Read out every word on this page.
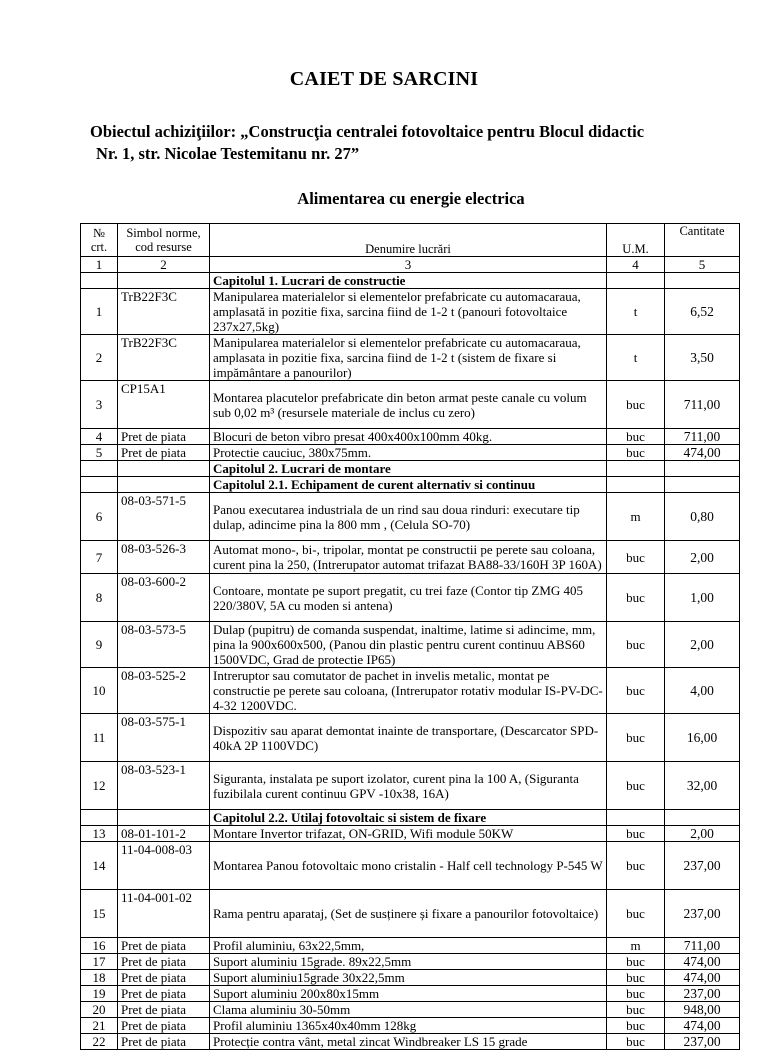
CAIET DE SARCINI
Obiectul achiziţiilor: „Construcţia centralei fotovoltaice pentru Blocul didactic
Nr. 1, str. Nicolae Testemitanu nr. 27”
Alimentarea cu energie electrica
№ crt.	Simbol norme, cod resurse	Denumire lucrări	U.M.	Cantitate
1	2	3	4	5
		Capitolul 1. Lucrari de constructie		
1	TrB22F3C	Manipularea materialelor si elementelor prefabricate cu automacaraua, amplasată in pozitie fixa, sarcina fiind de 1-2 t (panouri fotovoltaice 237x27,5kg)	t	6,52
2	TrB22F3C	Manipularea materialelor si elementelor prefabricate cu automacaraua, amplasata in pozitie fixa, sarcina fiind de 1-2 t (sistem de fixare si impământare a panourilor)	t	3,50
3	CP15A1	Montarea placutelor prefabricate din beton armat peste canale cu volum sub 0,02 m³ (resursele materiale de inclus cu zero)	buc	711,00
4	Pret de piata	Blocuri de beton vibro presat 400x400x100mm 40kg.	buc	711,00
5	Pret de piata	Protectie cauciuc, 380x75mm.	buc	474,00
		Capitolul 2. Lucrari de montare		
		Capitolul 2.1. Echipament de curent alternativ si continuu		
6	08-03-571-5	Panou executarea industriala de un rind sau doua rinduri: executare tip dulap, adincime pina la 800 mm , (Celula SO-70)	m	0,80
7	08-03-526-3	Automat mono-, bi-, tripolar, montat pe constructii pe perete sau coloana, curent pina la 250, (Intrerupator automat trifazat BA88-33/160H 3P 160A)	buc	2,00
8	08-03-600-2	Contoare, montate pe suport pregatit, cu trei faze (Contor tip ZMG 405 220/380V, 5A cu moden si antena)	buc	1,00
9	08-03-573-5	Dulap (pupitru) de comanda suspendat, inaltime, latime si adincime, mm, pina la 900x600x500, (Panou din plastic pentru curent continuu ABS60 1500VDC, Grad de protectie IP65)	buc	2,00
10	08-03-525-2	Intreruptor sau comutator de pachet in invelis metalic, montat pe constructie pe perete sau coloana, (Intrerupator rotativ modular IS-PV-DC-4-32 1200VDC.	buc	4,00
11	08-03-575-1	Dispozitiv sau aparat demontat inainte de transportare, (Descarcator SPD-40kA 2P 1100VDC)	buc	16,00
12	08-03-523-1	Siguranta, instalata pe suport izolator, curent pina la 100 A, (Siguranta fuzibilala curent continuu GPV -10x38, 16A)	buc	32,00
		Capitolul 2.2. Utilaj fotovoltaic si sistem de fixare		
13	08-01-101-2	Montare Invertor trifazat, ON-GRID, Wifi module 50KW	buc	2,00
14	11-04-008-03	Montarea Panou fotovoltaic mono cristalin - Half cell technology P-545 W	buc	237,00
15	11-04-001-02	Rama pentru aparataj, (Set de susținere și fixare a panourilor fotovoltaice)	buc	237,00
16	Pret de piata	Profil aluminiu, 63x22,5mm,	m	711,00
17	Pret de piata	Suport aluminiu 15grade. 89x22,5mm	buc	474,00
18	Pret de piata	Suport aluminiu15grade 30x22,5mm	buc	474,00
19	Pret de piata	Suport aluminiu 200x80x15mm	buc	237,00
20	Pret de piata	Clama aluminiu 30-50mm	buc	948,00
21	Pret de piata	Profil aluminiu 1365x40x40mm 128kg	buc	474,00
22	Pret de piata	Protecție contra vânt, metal zincat Windbreaker LS 15 grade	buc	237,00
